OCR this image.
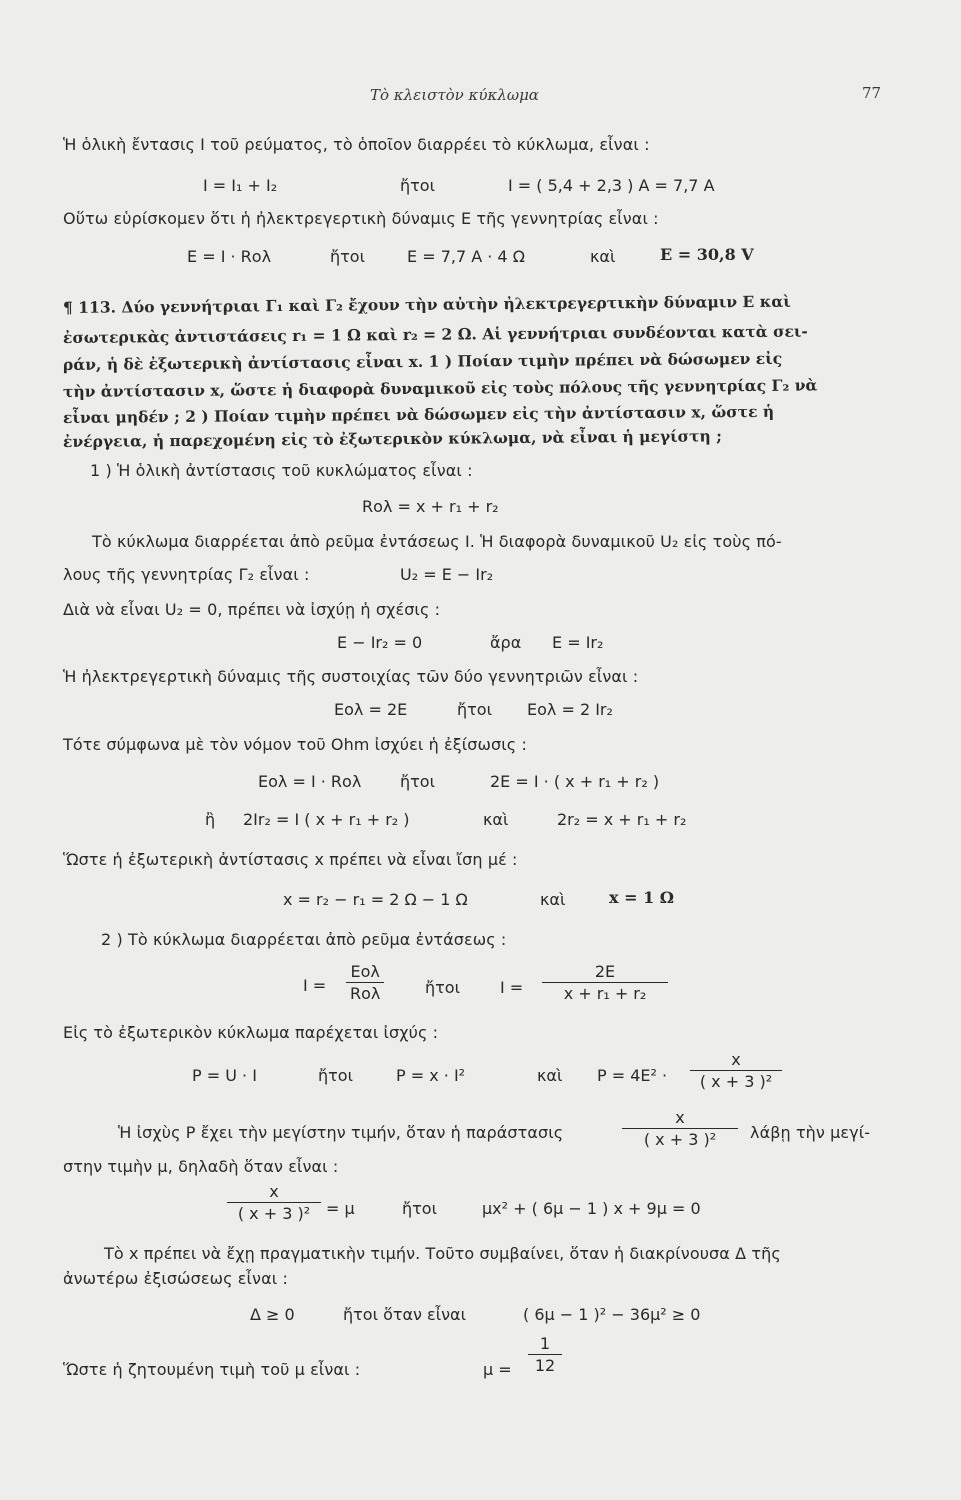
Τὸ κλειστὸν κύκλωμα	77
Ἡ ὁλικὴ ἔντασις I τοῦ ρεύματος, τὸ ὁποῖον διαρρέει τὸ κύκλωμα, εἶναι :
I = I₁ + I₂	ἤτοι	I = ( 5,4 + 2,3 ) A = 7,7 A
Οὕτω εὑρίσκομεν ὅτι ἡ ἠλεκτρεγερτικὴ δύναμις E τῆς γεννητρίας εἶναι :
E = I · Rολ	ἤτοι	E = 7,7 A · 4 Ω	καὶ	E = 30,8 V
¶ 113. Δύο γεννήτριαι Γ₁ καὶ Γ₂ ἔχουν τὴν αὐτὴν ἠλεκτρεγερτικὴν δύναμιν E καὶ
ἐσωτερικὰς ἀντιστάσεις r₁ = 1 Ω καὶ r₂ = 2 Ω. Αἱ γεννήτριαι συνδέονται κατὰ σει-
ράν, ἡ δὲ ἐξωτερικὴ ἀντίστασις εἶναι x. 1 ) Ποίαν τιμὴν πρέπει νὰ δώσωμεν εἰς
τὴν ἀντίστασιν x, ὥστε ἡ διαφορὰ δυναμικοῦ εἰς τοὺς πόλους τῆς γεννητρίας Γ₂ νὰ
εἶναι μηδέν ; 2 ) Ποίαν τιμὴν πρέπει νὰ δώσωμεν εἰς τὴν ἀντίστασιν x, ὥστε ἡ
ἐνέργεια, ἡ παρεχομένη εἰς τὸ ἐξωτερικὸν κύκλωμα, νὰ εἶναι ἡ μεγίστη ;
1 ) Ἡ ὁλικὴ ἀντίστασις τοῦ κυκλώματος εἶναι :
Rολ = x + r₁ + r₂
Τὸ κύκλωμα διαρρέεται ἀπὸ ρεῦμα ἐντάσεως I. Ἡ διαφορὰ δυναμικοῦ U₂ εἰς τοὺς πό-
λους τῆς γεννητρίας Γ₂ εἶναι :	U₂ = E − Ir₂
Διὰ νὰ εἶναι U₂ = 0, πρέπει νὰ ἰσχύῃ ἡ σχέσις :
E − Ir₂ = 0	ἄρα E = Ir₂
Ἡ ἠλεκτρεγερτικὴ δύναμις τῆς συστοιχίας τῶν δύο γεννητριῶν εἶναι :
Eολ = 2E	ἤτοι Eολ = 2 Ir₂
Τότε σύμφωνα μὲ τὸν νόμον τοῦ Ohm ἰσχύει ἡ ἐξίσωσις :
Eολ = I · Rολ ἤτοι	2E = I · ( x + r₁ + r₂ )
ἢ 2Ir₂ = I ( x + r₁ + r₂ )	καὶ	2r₂ = x + r₁ + r₂
Ὥστε ἡ ἐξωτερικὴ ἀντίστασις x πρέπει νὰ εἶναι ἴση μέ :
x = r₂ − r₁ = 2 Ω − 1 Ω	καὶ	x = 1 Ω
2 ) Τὸ κύκλωμα διαρρέεται ἀπὸ ρεῦμα ἐντάσεως :
I =
Eολ
Rολ	ἤτοι	I =
2E
x + r₁ + r₂
Εἰς τὸ ἐξωτερικὸν κύκλωμα παρέχεται ἰσχύς :
P = U · I	ἤτοι	P = x · I²	καὶ P = 4E² ·
x
( x + 3 )²
Ἡ ἰσχὺς P ἔχει τὴν μεγίστην τιμήν, ὅταν ἡ παράστασις
x
( x + 3 )²	λάβῃ τὴν μεγί-
στην τιμὴν μ, δηλαδὴ ὅταν εἶναι :
x
( x + 3 )² = μ	ἤτοι	μx² + ( 6μ − 1 ) x + 9μ = 0
Τὸ x πρέπει νὰ ἔχῃ πραγματικὴν τιμήν. Τοῦτο συμβαίνει, ὅταν ἡ διακρίνουσα Δ τῆς
ἀνωτέρω ἐξισώσεως εἶναι :
Δ ≥ 0	ἤτοι ὅταν εἶναι	( 6μ − 1 )² − 36μ² ≥ 0
Ὥστε ἡ ζητουμένη τιμὴ τοῦ μ εἶναι :	μ =
1
12
